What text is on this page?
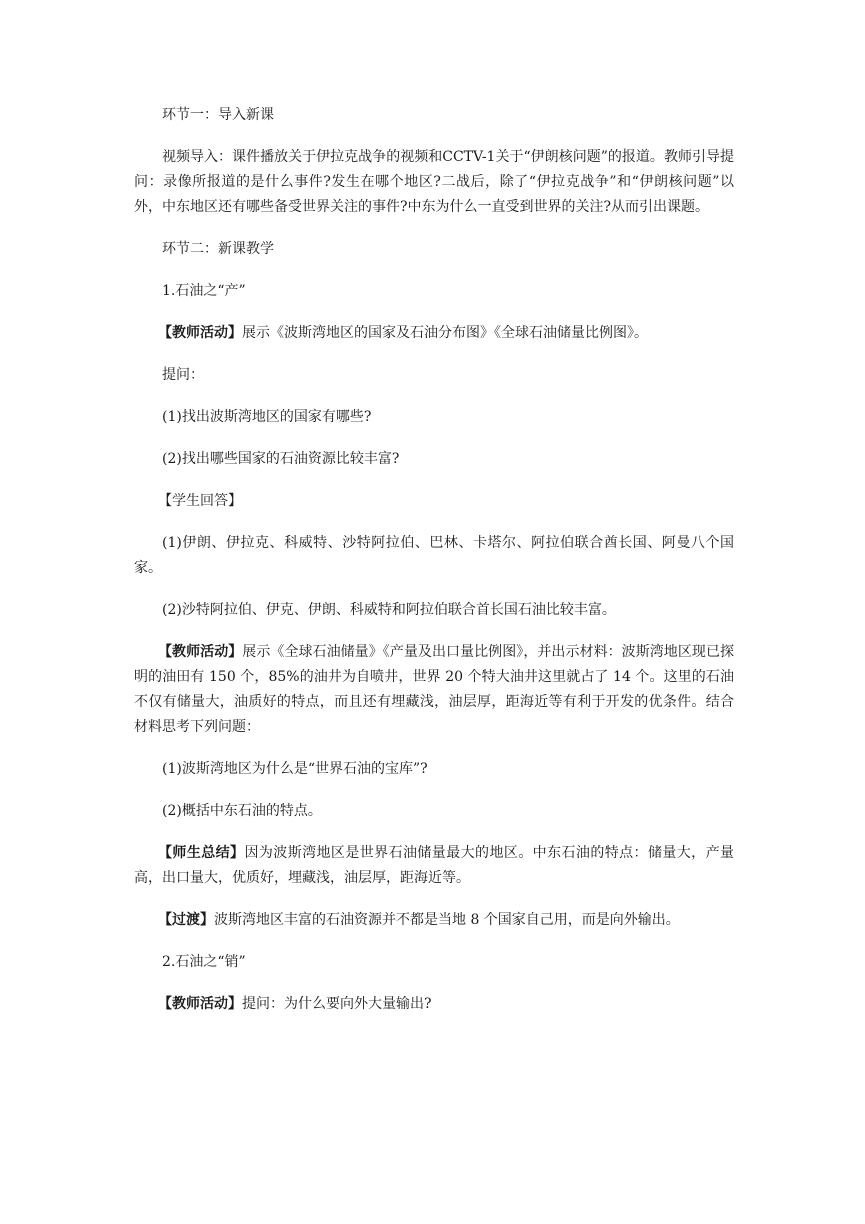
环节一：导入新课

视频导入：课件播放关于伊拉克战争的视频和CCTV-1关于“伊朗核问题”的报道。教师引导提问：录像所报道的是什么事件?发生在哪个地区?二战后，除了“伊拉克战争”和“伊朗核问题”以外，中东地区还有哪些备受世界关注的事件?中东为什么一直受到世界的关注?从而引出课题。

环节二：新课教学

1.石油之“产”

【教师活动】展示《波斯湾地区的国家及石油分布图》《全球石油储量比例图》。

提问：

(1)找出波斯湾地区的国家有哪些?

(2)找出哪些国家的石油资源比较丰富?

【学生回答】

(1)伊朗、伊拉克、科威特、沙特阿拉伯、巴林、卡塔尔、阿拉伯联合酋长国、阿曼八个国家。

(2)沙特阿拉伯、伊克、伊朗、科威特和阿拉伯联合首长国石油比较丰富。

【教师活动】展示《全球石油储量》《产量及出口量比例图》，并出示材料：波斯湾地区现已探明的油田有 150 个，85%的油井为自喷井，世界 20 个特大油井这里就占了 14 个。这里的石油不仅有储量大，油质好的特点，而且还有埋藏浅，油层厚，距海近等有利于开发的优条件。结合材料思考下列问题：

(1)波斯湾地区为什么是“世界石油的宝库”?

(2)概括中东石油的特点。

【师生总结】因为波斯湾地区是世界石油储量最大的地区。中东石油的特点：储量大，产量高，出口量大，优质好，埋藏浅，油层厚，距海近等。

【过渡】波斯湾地区丰富的石油资源并不都是当地 8 个国家自己用，而是向外输出。

2.石油之“销”

【教师活动】提问：为什么要向外大量输出?
